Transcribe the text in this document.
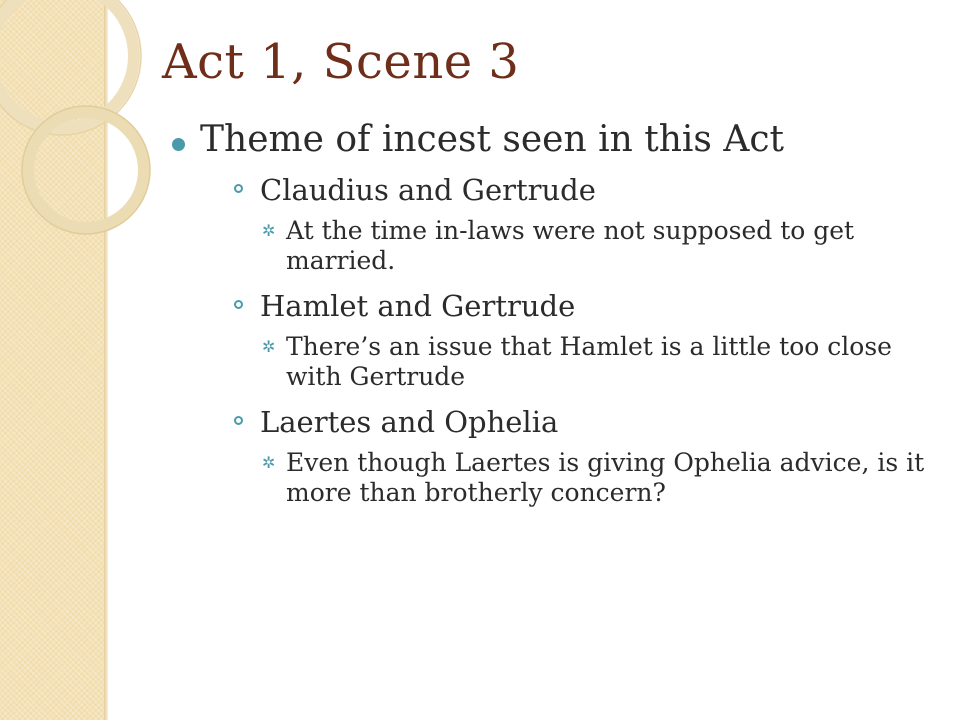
Act 1, Scene 3
Theme of incest seen in this Act
Claudius and Gertrude
✲ At the time in-laws were not supposed to get married.
Hamlet and Gertrude
✲ There’s an issue that Hamlet is a little too close with Gertrude
Laertes and Ophelia
✲ Even though Laertes is giving Ophelia advice, is it more than brotherly concern?
